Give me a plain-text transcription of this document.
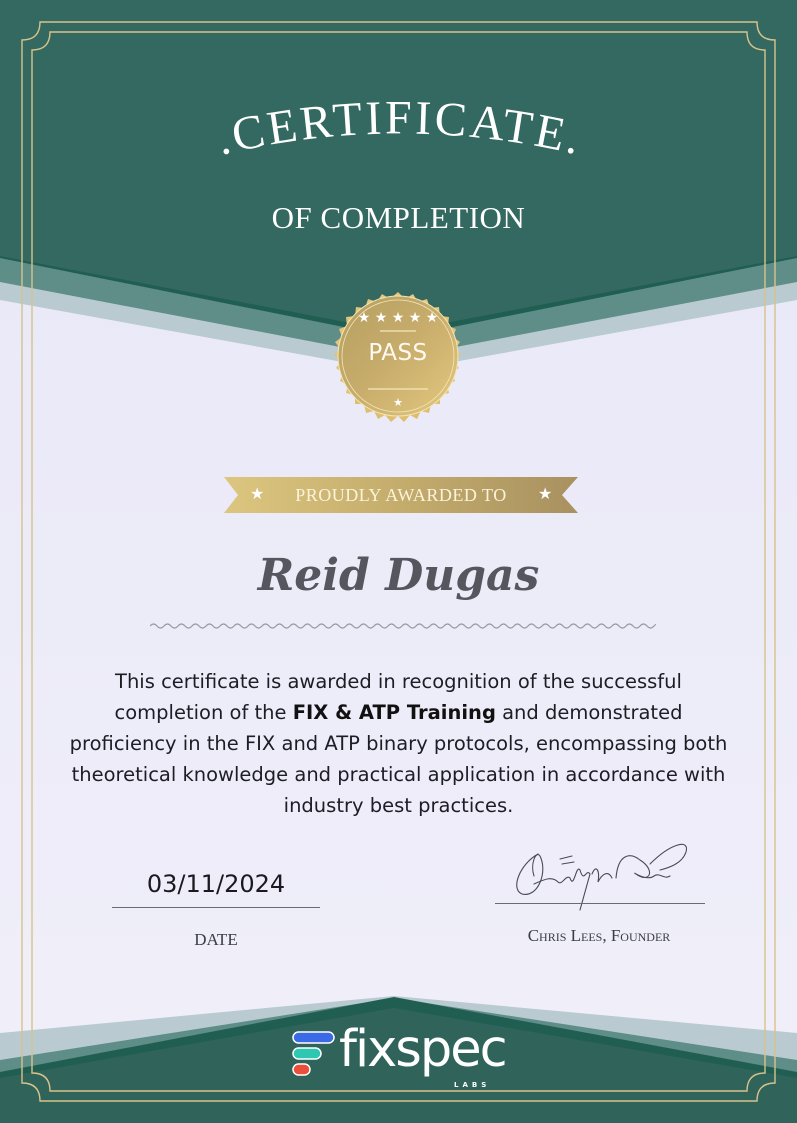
.CERTIFICATE.
OF COMPLETION
★ ★ ★ ★ ★
★
PASS
★	PROUDLY AWARDED TO	★
Reid Dugas
This certificate is awarded in recognition of the successful completion of the FIX & ATP Training and demonstrated proficiency in the FIX and ATP binary protocols, encompassing both theoretical knowledge and practical application in accordance with industry best practices.
03/11/2024
DATE	Chris Lees, Founder
fixspec
LABS
